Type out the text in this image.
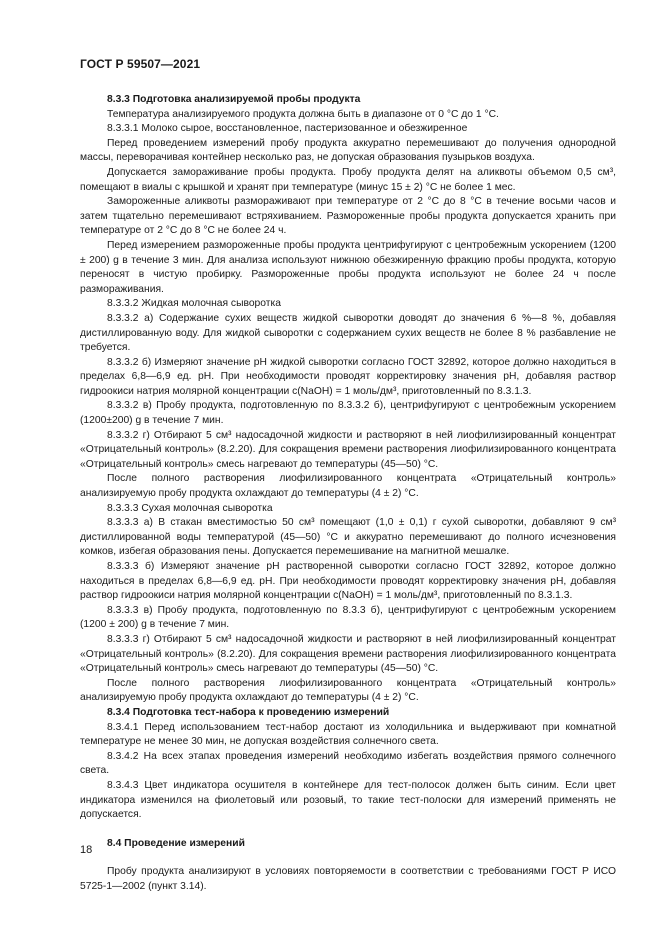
ГОСТ Р 59507—2021

8.3.3 Подготовка анализируемой пробы продукта

Температура анализируемого продукта должна быть в диапазоне от 0 °С до 1 °С.

8.3.3.1 Молоко сырое, восстановленное, пастеризованное и обезжиренное

Перед проведением измерений пробу продукта аккуратно перемешивают до получения однородной массы, переворачивая контейнер несколько раз, не допуская образования пузырьков воздуха.

Допускается замораживание пробы продукта. Пробу продукта делят на аликвоты объемом 0,5 см³, помещают в виалы с крышкой и хранят при температуре (минус 15 ± 2) °С не более 1 мес.

Замороженные аликвоты размораживают при температуре от 2 °С до 8 °С в течение восьми часов и затем тщательно перемешивают встряхиванием. Размороженные пробы продукта допускается хранить при температуре от 2 °С до 8 °С не более 24 ч.

Перед измерением размороженные пробы продукта центрифугируют с центробежным ускорением (1200 ± 200) g в течение 3 мин. Для анализа используют нижнюю обезжиренную фракцию пробы продукта, которую переносят в чистую пробирку. Размороженные пробы продукта используют не более 24 ч после размораживания.

8.3.3.2 Жидкая молочная сыворотка

8.3.3.2 а) Содержание сухих веществ жидкой сыворотки доводят до значения 6 %—8 %, добавляя дистиллированную воду. Для жидкой сыворотки с содержанием сухих веществ не более 8 % разбавление не требуется.

8.3.3.2 б) Измеряют значение рН жидкой сыворотки согласно ГОСТ 32892, которое должно находиться в пределах 6,8—6,9 ед. рН. При необходимости проводят корректировку значения рН, добавляя раствор гидроокиси натрия молярной концентрации c(NaOH) = 1 моль/дм³, приготовленный по 8.3.1.3.

8.3.3.2 в) Пробу продукта, подготовленную по 8.3.3.2 б), центрифугируют с центробежным ускорением (1200±200) g в течение 7 мин.

8.3.3.2 г) Отбирают 5 см³ надосадочной жидкости и растворяют в ней лиофилизированный концентрат «Отрицательный контроль» (8.2.20). Для сокращения времени растворения лиофилизированного концентрата «Отрицательный контроль» смесь нагревают до температуры (45—50) °С.

После полного растворения лиофилизированного концентрата «Отрицательный контроль» анализируемую пробу продукта охлаждают до температуры (4 ± 2) °С.

8.3.3.3 Сухая молочная сыворотка

8.3.3.3 а) В стакан вместимостью 50 см³ помещают (1,0 ± 0,1) г сухой сыворотки, добавляют 9 см³ дистиллированной воды температурой (45—50) °С и аккуратно перемешивают до полного исчезновения комков, избегая образования пены. Допускается перемешивание на магнитной мешалке.

8.3.3.3 б) Измеряют значение рН растворенной сыворотки согласно ГОСТ 32892, которое должно находиться в пределах 6,8—6,9 ед. рН. При необходимости проводят корректировку значения рН, добавляя раствор гидроокиси натрия молярной концентрации c(NaOH) = 1 моль/дм³, приготовленный по 8.3.1.3.

8.3.3.3 в) Пробу продукта, подготовленную по 8.3.3 б), центрифугируют с центробежным ускорением (1200 ± 200) g в течение 7 мин.

8.3.3.3 г) Отбирают 5 см³ надосадочной жидкости и растворяют в ней лиофилизированный концентрат «Отрицательный контроль» (8.2.20). Для сокращения времени растворения лиофилизированного концентрата «Отрицательный контроль» смесь нагревают до температуры (45—50) °С.

После полного растворения лиофилизированного концентрата «Отрицательный контроль» анализируемую пробу продукта охлаждают до температуры (4 ± 2) °С.

8.3.4 Подготовка тест-набора к проведению измерений

8.3.4.1 Перед использованием тест-набор достают из холодильника и выдерживают при комнатной температуре не менее 30 мин, не допуская воздействия солнечного света.

8.3.4.2 На всех этапах проведения измерений необходимо избегать воздействия прямого солнечного света.

8.3.4.3 Цвет индикатора осушителя в контейнере для тест-полосок должен быть синим. Если цвет индикатора изменился на фиолетовый или розовый, то такие тест-полоски для измерений применять не допускается.

8.4 Проведение измерений

Пробу продукта анализируют в условиях повторяемости в соответствии с требованиями ГОСТ Р ИСО 5725-1—2002 (пункт 3.14).

18
